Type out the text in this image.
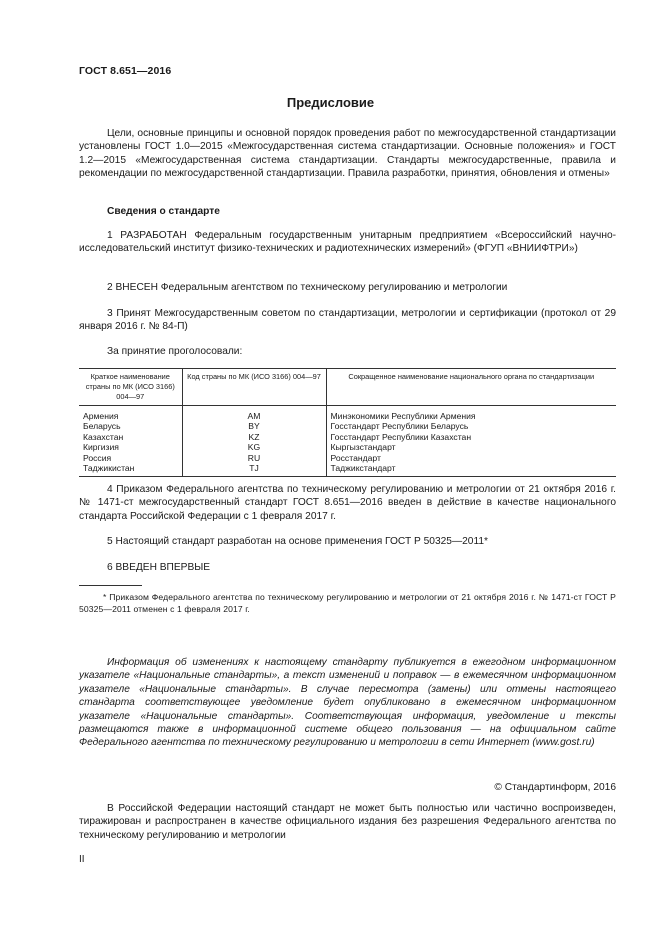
ГОСТ 8.651—2016
Предисловие
Цели, основные принципы и основной порядок проведения работ по межгосударственной стандартизации установлены ГОСТ 1.0—2015 «Межгосударственная система стандартизации. Основные положения» и ГОСТ 1.2—2015 «Межгосударственная система стандартизации. Стандарты межгосударственные, правила и рекомендации по межгосударственной стандартизации. Правила разработки, принятия, обновления и отмены»
Сведения о стандарте
1 РАЗРАБОТАН Федеральным государственным унитарным предприятием «Всероссийский научно-исследовательский институт физико-технических и радиотехнических измерений» (ФГУП «ВНИИФТРИ»)
2 ВНЕСЕН Федеральным агентством по техническому регулированию и метрологии
3 Принят Межгосударственным советом по стандартизации, метрологии и сертификации (протокол от 29 января 2016 г. № 84-П)
За принятие проголосовали:
Краткое наименование страны по МК (ИСО 3166) 004—97	Код страны по МК (ИСО 3166) 004—97	Сокращенное наименование национального органа по стандартизации
Армения	AM	Минэкономики Республики Армения
Беларусь	BY	Госстандарт Республики Беларусь
Казахстан	KZ	Госстандарт Республики Казахстан
Киргизия	KG	Кыргызстандарт
Россия	RU	Росстандарт
Таджикистан	TJ	Таджикстандарт
4 Приказом Федерального агентства по техническому регулированию и метрологии от 21 октября 2016 г. № 1471-ст межгосударственный стандарт ГОСТ 8.651—2016 введен в действие в качестве национального стандарта Российской Федерации с 1 февраля 2017 г.
5 Настоящий стандарт разработан на основе применения ГОСТ Р 50325—2011*
6 ВВЕДЕН ВПЕРВЫЕ
* Приказом Федерального агентства по техническому регулированию и метрологии от 21 октября 2016 г. № 1471-ст ГОСТ Р 50325—2011 отменен с 1 февраля 2017 г.
Информация об изменениях к настоящему стандарту публикуется в ежегодном информационном указателе «Национальные стандарты», а текст изменений и поправок — в ежемесячном информационном указателе «Национальные стандарты». В случае пересмотра (замены) или отмены настоящего стандарта соответствующее уведомление будет опубликовано в ежемесячном информационном указателе «Национальные стандарты». Соответствующая информация, уведомление и тексты размещаются также в информационной системе общего пользования — на официальном сайте Федерального агентства по техническому регулированию и метрологии в сети Интернет (www.gost.ru)
© Стандартинформ, 2016
В Российской Федерации настоящий стандарт не может быть полностью или частично воспроизведен, тиражирован и распространен в качестве официального издания без разрешения Федерального агентства по техническому регулированию и метрологии
II
